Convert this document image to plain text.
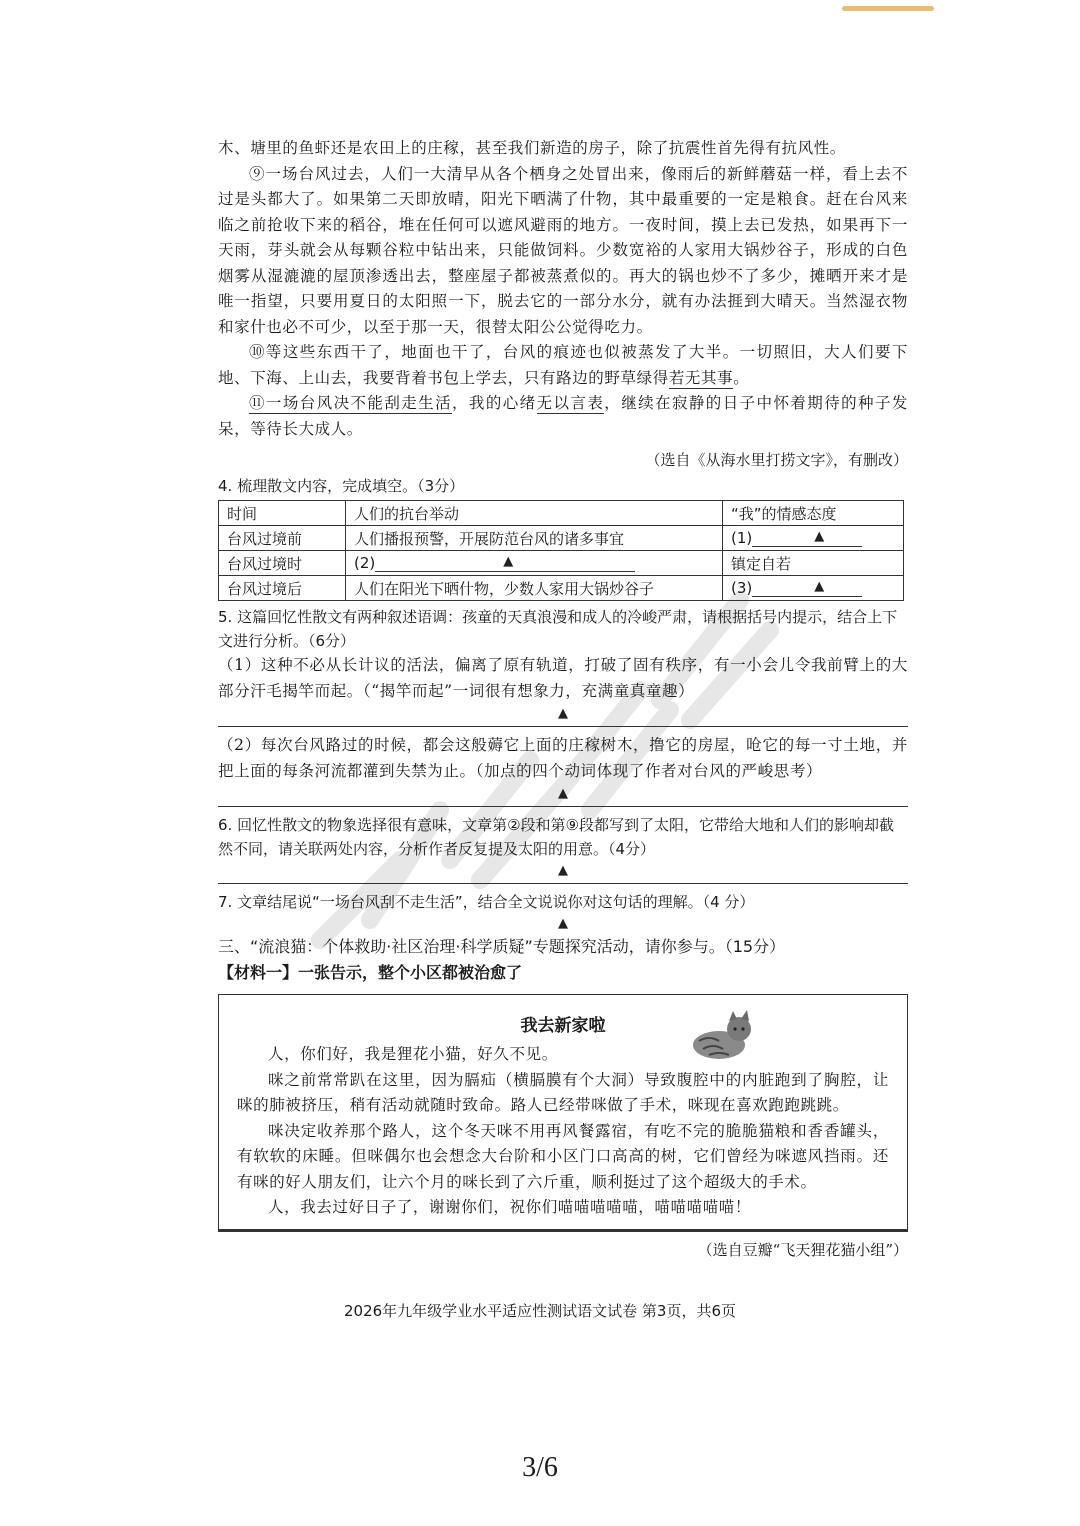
木、塘里的鱼虾还是农田上的庄稼，甚至我们新造的房子，除了抗震性首先得有抗风性。

⑨一场台风过去，人们一大清早从各个栖身之处冒出来，像雨后的新鲜蘑菇一样，看上去不过是头都大了。如果第二天即放晴，阳光下晒满了什物，其中最重要的一定是粮食。赶在台风来临之前抢收下来的稻谷，堆在任何可以遮风避雨的地方。一夜时间，摸上去已发热，如果再下一天雨，芽头就会从每颗谷粒中钻出来，只能做饲料。少数宽裕的人家用大锅炒谷子，形成的白色烟雾从湿漉漉的屋顶渗透出去，整座屋子都被蒸煮似的。再大的锅也炒不了多少，摊晒开来才是唯一指望，只要用夏日的太阳照一下，脱去它的一部分水分，就有办法捱到大晴天。当然湿衣物和家什也必不可少，以至于那一天，很替太阳公公觉得吃力。

⑩等这些东西干了，地面也干了，台风的痕迹也似被蒸发了大半。一切照旧，大人们要下地、下海、上山去，我要背着书包上学去，只有路边的野草绿得若无其事。

⑪一场台风决不能刮走生活，我的心绪无以言表，继续在寂静的日子中怀着期待的种子发呆，等待长大成人。

（选自《从海水里打捞文字》，有删改）

4. 梳理散文内容，完成填空。（3分）

时间	人们的抗台举动	“我”的情感态度
台风过境前	人们播报预警，开展防范台风的诸多事宜	(1) ▲

台风过境时	(2) ▲	镇定自若
台风过境后	人们在阳光下晒什物，少数人家用大锅炒谷子	(3) ▲

5. 这篇回忆性散文有两种叙述语调：孩童的天真浪漫和成人的冷峻严肃，请根据括号内提示，结合上下文进行分析。（6分）

（1）这种不必从长计议的活法，偏离了原有轨道，打破了固有秩序，有一小会儿令我前臂上的大部分汗毛揭竿而起。（“揭竿而起”一词很有想象力，充满童真童趣）

▲

（2）每次台风路过的时候，都会这般薅它上面的庄稼树木，撸它的房屋，呛它的每一寸土地，并把上面的每条河流都灌到失禁为止。（加点的四个动词体现了作者对台风的严峻思考）

▲

6. 回忆性散文的物象选择很有意味，文章第②段和第⑨段都写到了太阳，它带给大地和人们的影响却截然不同，请关联两处内容，分析作者反复提及太阳的用意。（4分）

▲

7. 文章结尾说“一场台风刮不走生活”，结合全文说说你对这句话的理解。（4 分）

▲

三、“流浪猫：个体救助·社区治理·科学质疑”专题探究活动，请你参与。（15分）

【材料一】一张告示，整个小区都被治愈了

我去新家啦

人，你们好，我是狸花小猫，好久不见。

咪之前常常趴在这里，因为膈疝（横膈膜有个大洞）导致腹腔中的内脏跑到了胸腔，让咪的肺被挤压，稍有活动就随时致命。路人已经带咪做了手术，咪现在喜欢跑跑跳跳。

咪决定收养那个路人，这个冬天咪不用再风餐露宿，有吃不完的脆脆猫粮和香香罐头，有软软的床睡。但咪偶尔也会想念大台阶和小区门口高高的树，它们曾经为咪遮风挡雨。还有咪的好人朋友们，让六个月的咪长到了六斤重，顺利挺过了这个超级大的手术。

人，我去过好日子了，谢谢你们，祝你们喵喵喵喵喵，喵喵喵喵喵！

（选自豆瓣“飞天狸花猫小组”）

2026年九年级学业水平适应性测试语文试卷 第3页，共6页
3/6
